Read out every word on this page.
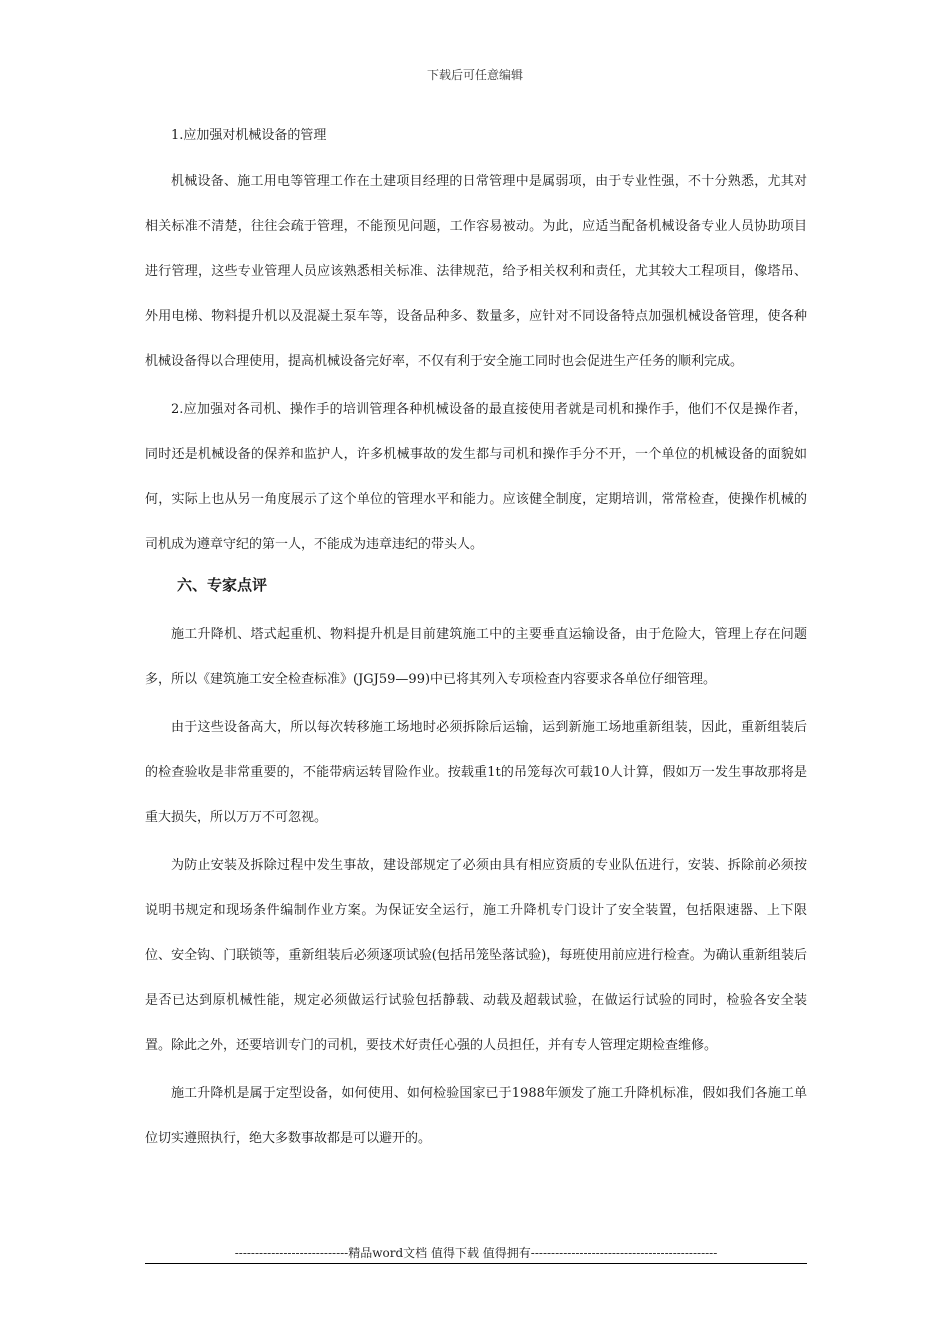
下载后可任意编辑

1.应加强对机械设备的管理

机械设备、施工用电等管理工作在土建项目经理的日常管理中是属弱项，由于专业性强，不十分熟悉，尤其对相关标准不清楚，往往会疏于管理，不能预见问题，工作容易被动。为此，应适当配备机械设备专业人员协助项目进行管理，这些专业管理人员应该熟悉相关标准、法律规范，给予相关权利和责任，尤其较大工程项目，像塔吊、外用电梯、物料提升机以及混凝土泵车等，设备品种多、数量多，应针对不同设备特点加强机械设备管理，使各种机械设备得以合理使用，提高机械设备完好率，不仅有利于安全施工同时也会促进生产任务的顺利完成。

2.应加强对各司机、操作手的培训管理各种机械设备的最直接使用者就是司机和操作手，他们不仅是操作者，同时还是机械设备的保养和监护人，许多机械事故的发生都与司机和操作手分不开，一个单位的机械设备的面貌如何，实际上也从另一角度展示了这个单位的管理水平和能力。应该健全制度，定期培训，常常检查，使操作机械的司机成为遵章守纪的第一人，不能成为违章违纪的带头人。

六、专家点评

施工升降机、塔式起重机、物料提升机是目前建筑施工中的主要垂直运输设备，由于危险大，管理上存在问题多，所以《建筑施工安全检查标准》(JGJ59—99)中已将其列入专项检查内容要求各单位仔细管理。

由于这些设备高大，所以每次转移施工场地时必须拆除后运输，运到新施工场地重新组装，因此，重新组装后的检查验收是非常重要的，不能带病运转冒险作业。按载重1t的吊笼每次可载10人计算，假如万一发生事故那将是重大损失，所以万万不可忽视。

为防止安装及拆除过程中发生事故，建设部规定了必须由具有相应资质的专业队伍进行，安装、拆除前必须按说明书规定和现场条件编制作业方案。为保证安全运行，施工升降机专门设计了安全装置，包括限速器、上下限位、安全钩、门联锁等，重新组装后必须逐项试验(包括吊笼坠落试验)，每班使用前应进行检查。为确认重新组装后是否已达到原机械性能，规定必须做运行试验包括静载、动载及超载试验，在做运行试验的同时，检验各安全装置。除此之外，还要培训专门的司机，要技术好责任心强的人员担任，并有专人管理定期检查维修。

施工升降机是属于定型设备，如何使用、如何检验国家已于1988年颁发了施工升降机标准，假如我们各施工单位切实遵照执行，绝大多数事故都是可以避开的。

----------------------------精品word文档 值得下载 值得拥有----------------------------------------------
